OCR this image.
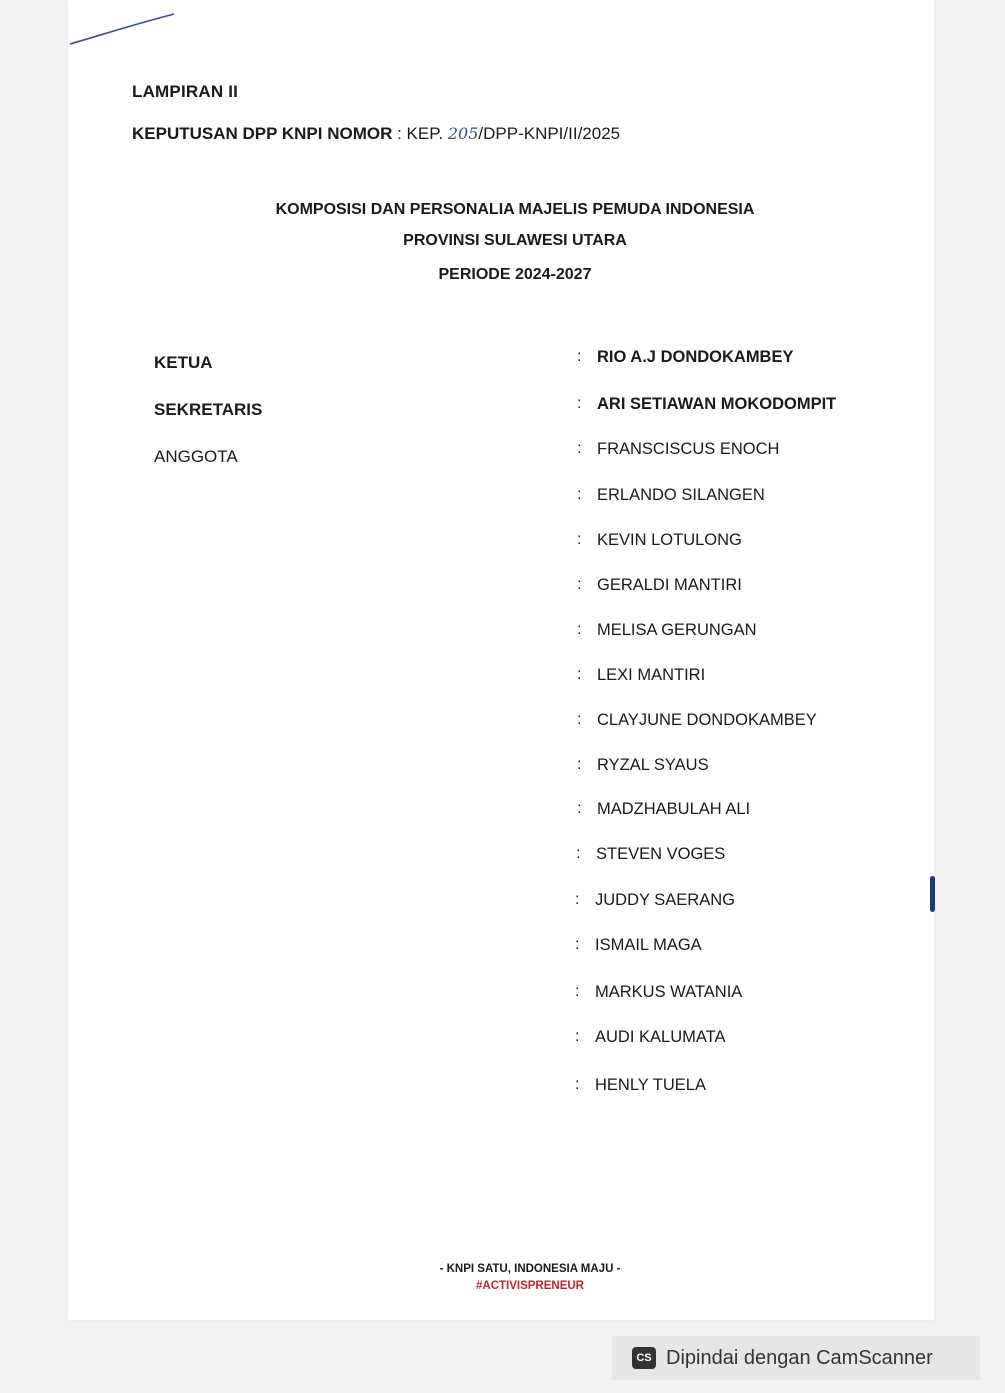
LAMPIRAN II
KEPUTUSAN DPP KNPI NOMOR : KEP. 205/DPP-KNPI/II/2025
KOMPOSISI DAN PERSONALIA MAJELIS PEMUDA INDONESIA
PROVINSI SULAWESI UTARA
PERIODE 2024-2027
KETUA
SEKRETARIS
ANGGOTA
: RIO A.J DONDOKAMBEY
: ARI SETIAWAN MOKODOMPIT
: FRANSCISCUS ENOCH
: ERLANDO SILANGEN
: KEVIN LOTULONG
: GERALDI MANTIRI
: MELISA GERUNGAN
: LEXI MANTIRI
: CLAYJUNE DONDOKAMBEY
: RYZAL SYAUS
: MADZHABULAH ALI
: STEVEN VOGES
: JUDDY SAERANG
: ISMAIL MAGA
: MARKUS WATANIA
: AUDI KALUMATA
: HENLY TUELA
- KNPI SATU, INDONESIA MAJU -
#ACTIVISPRENEUR
CS Dipindai dengan CamScanner
